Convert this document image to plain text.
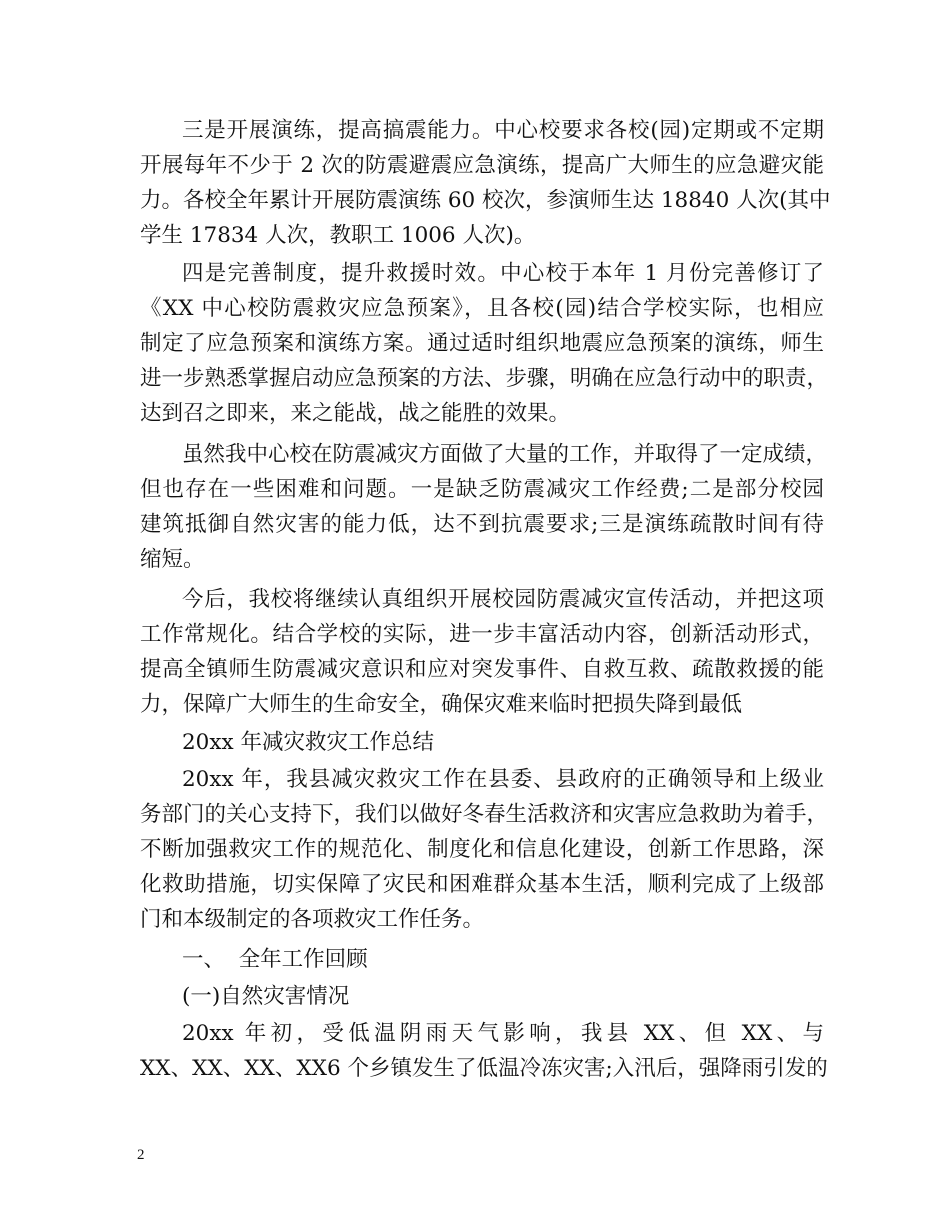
三是开展演练，提高搞震能力。中心校要求各校(园)定期或不定期
开展每年不少于 2 次的防震避震应急演练，提高广大师生的应急避灾能
力。各校全年累计开展防震演练 60 校次，参演师生达 18840 人次(其中
学生 17834 人次，教职工 1006 人次)。
四是完善制度，提升救援时效。中心校于本年 1 月份完善修订了
《XX 中心校防震救灾应急预案》，且各校(园)结合学校实际，也相应
制定了应急预案和演练方案。通过适时组织地震应急预案的演练，师生
进一步熟悉掌握启动应急预案的方法、步骤，明确在应急行动中的职责，
达到召之即来，来之能战，战之能胜的效果。
虽然我中心校在防震减灾方面做了大量的工作，并取得了一定成绩，
但也存在一些困难和问题。一是缺乏防震减灾工作经费;二是部分校园
建筑抵御自然灾害的能力低，达不到抗震要求;三是演练疏散时间有待
缩短。
今后，我校将继续认真组织开展校园防震减灾宣传活动，并把这项
工作常规化。结合学校的实际，进一步丰富活动内容，创新活动形式，
提高全镇师生防震减灾意识和应对突发事件、自救互救、疏散救援的能
力，保障广大师生的生命安全，确保灾难来临时把损失降到最低
20xx 年减灾救灾工作总结
20xx 年，我县减灾救灾工作在县委、县政府的正确领导和上级业
务部门的关心支持下，我们以做好冬春生活救济和灾害应急救助为着手，
不断加强救灾工作的规范化、制度化和信息化建设，创新工作思路，深
化救助措施，切实保障了灾民和困难群众基本生活，顺利完成了上级部
门和本级制定的各项救灾工作任务。
一、  全年工作回顾
(一)自然灾害情况
20xx 年初，受低温阴雨天气影响，我县 XX、但 XX、与
XX、XX、XX、XX6 个乡镇发生了低温冷冻灾害;入汛后，强降雨引发的
2
